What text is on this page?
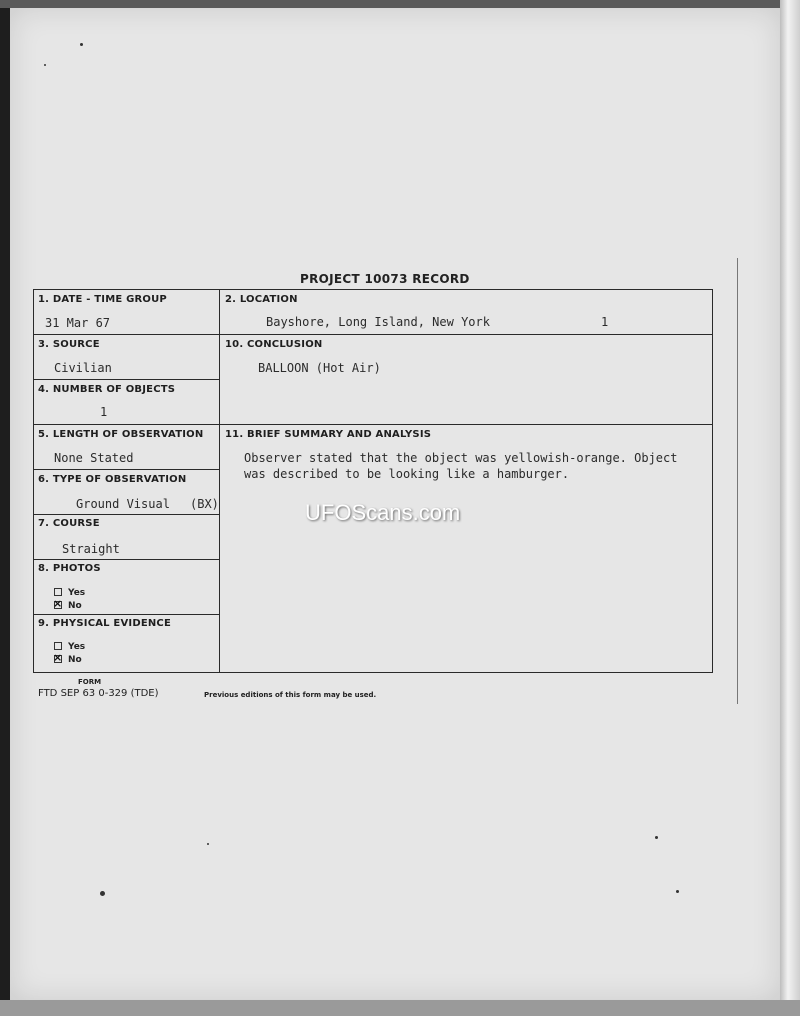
PROJECT 10073 RECORD
1. DATE - TIME GROUP
31 Mar 67
2. LOCATION
Bayshore, Long Island, New York	1
3. SOURCE
Civilian
10. CONCLUSION
BALLOON (Hot Air)
4. NUMBER OF OBJECTS
1
5. LENGTH OF OBSERVATION
None Stated
11. BRIEF SUMMARY AND ANALYSIS
Observer stated that the object was yellowish-orange. Object
was described to be looking like a hamburger.
6. TYPE OF OBSERVATION
Ground Visual (BX)
7. COURSE
Straight
8. PHOTOS
Yes
×No
9. PHYSICAL EVIDENCE
Yes
×No
FORM
FTD SEP 63 0-329 (TDE)	Previous editions of this form may be used.
UFOScans.com
